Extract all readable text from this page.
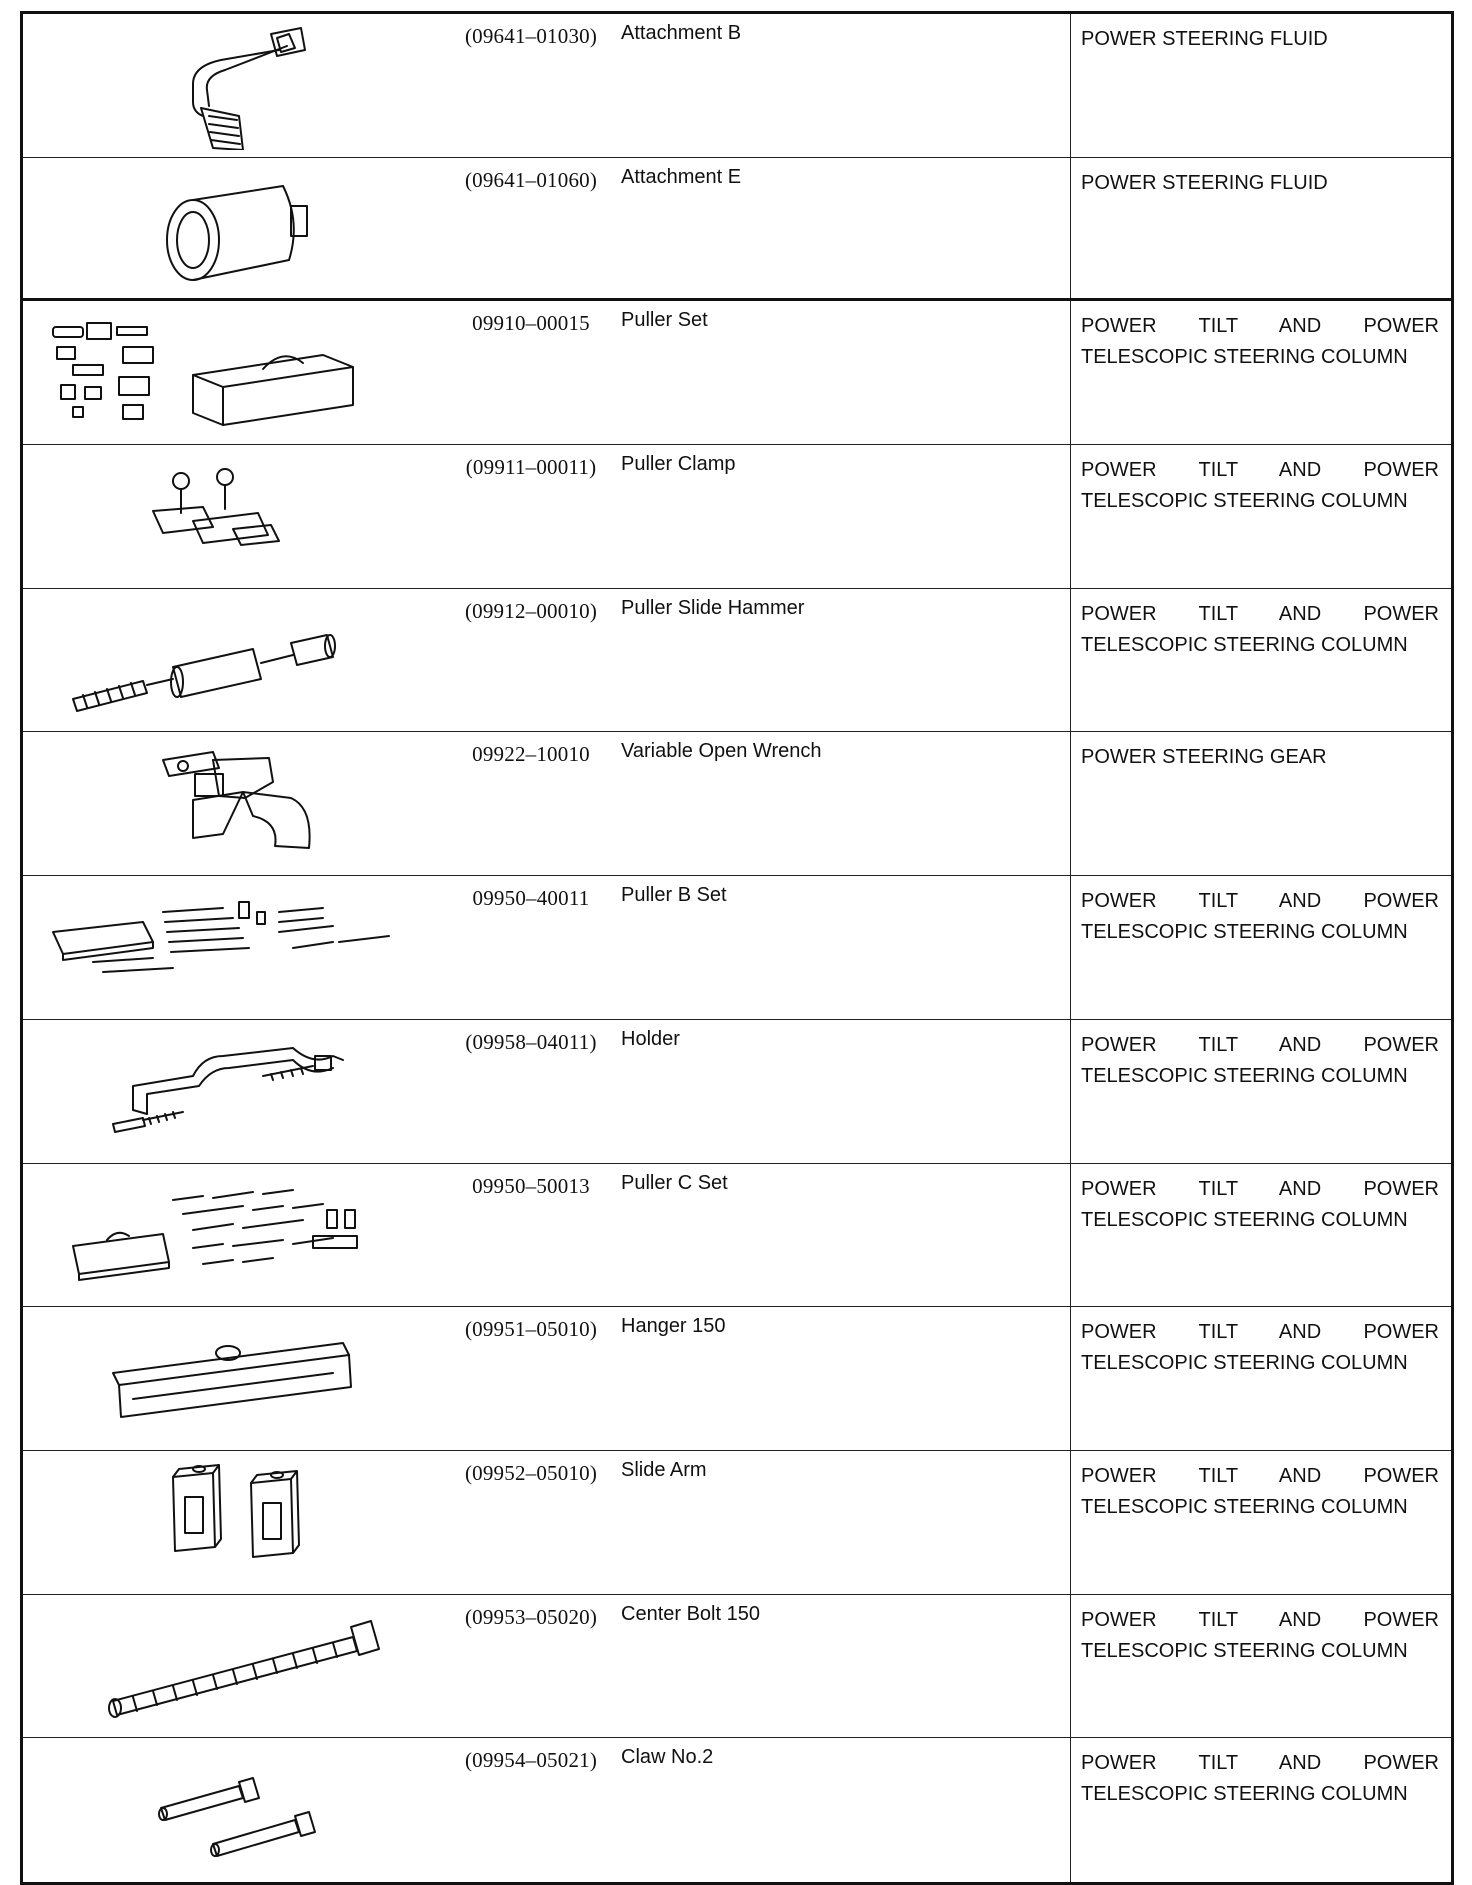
(09641–01030)	Attachment B	POWER STEERING FLUID
(09641–01060)	Attachment E	POWER STEERING FLUID
09910–00015	Puller Set	POWER TILT AND POWER
TELESCOPIC STEERING COLUMN
(09911–00011)	Puller Clamp	POWER TILT AND POWER
TELESCOPIC STEERING COLUMN
(09912–00010)	Puller Slide Hammer	POWER TILT AND POWER
TELESCOPIC STEERING COLUMN
09922–10010	Variable Open Wrench	POWER STEERING GEAR
09950–40011	Puller B Set	POWER TILT AND POWER
TELESCOPIC STEERING COLUMN
(09958–04011)	Holder	POWER TILT AND POWER
TELESCOPIC STEERING COLUMN
09950–50013	Puller C Set	POWER TILT AND POWER
TELESCOPIC STEERING COLUMN
(09951–05010)	Hanger 150	POWER TILT AND POWER
TELESCOPIC STEERING COLUMN
(09952–05010)	Slide Arm	POWER TILT AND POWER
TELESCOPIC STEERING COLUMN
(09953–05020)	Center Bolt 150	POWER TILT AND POWER
TELESCOPIC STEERING COLUMN
(09954–05021)	Claw No.2	POWER TILT AND POWER
TELESCOPIC STEERING COLUMN
